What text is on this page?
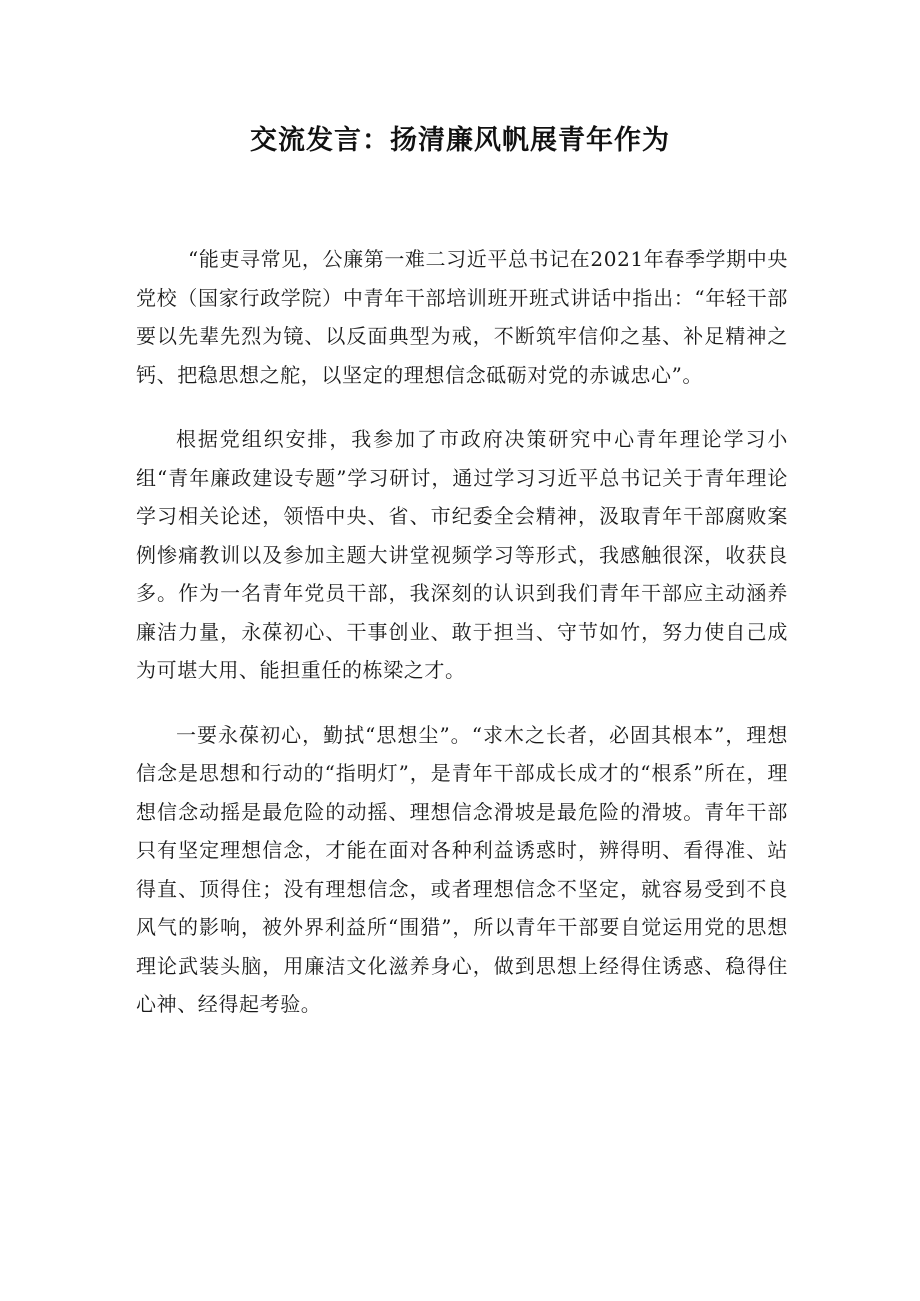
交流发言：扬清廉风帆展青年作为

“能吏寻常见，公廉第一难二习近平总书记在2021年春季学期中央党校（国家行政学院）中青年干部培训班开班式讲话中指出：“年轻干部要以先辈先烈为镜、以反面典型为戒，不断筑牢信仰之基、补足精神之钙、把稳思想之舵，以坚定的理想信念砥砺对党的赤诚忠心”。

根据党组织安排，我参加了市政府决策研究中心青年理论学习小组“青年廉政建设专题”学习研讨，通过学习习近平总书记关于青年理论学习相关论述，领悟中央、省、市纪委全会精神，汲取青年干部腐败案例惨痛教训以及参加主题大讲堂视频学习等形式，我感触很深，收获良多。作为一名青年党员干部，我深刻的认识到我们青年干部应主动涵养廉洁力量，永葆初心、干事创业、敢于担当、守节如竹，努力使自己成为可堪大用、能担重任的栋梁之才。

一要永葆初心，勤拭“思想尘”。“求木之长者，必固其根本”，理想信念是思想和行动的“指明灯”，是青年干部成长成才的“根系”所在，理想信念动摇是最危险的动摇、理想信念滑坡是最危险的滑坡。青年干部只有坚定理想信念，才能在面对各种利益诱惑时，辨得明、看得准、站得直、顶得住；没有理想信念，或者理想信念不坚定，就容易受到不良风气的影响，被外界利益所“围猎”，所以青年干部要自觉运用党的思想理论武装头脑，用廉洁文化滋养身心，做到思想上经得住诱惑、稳得住心神、经得起考验。
